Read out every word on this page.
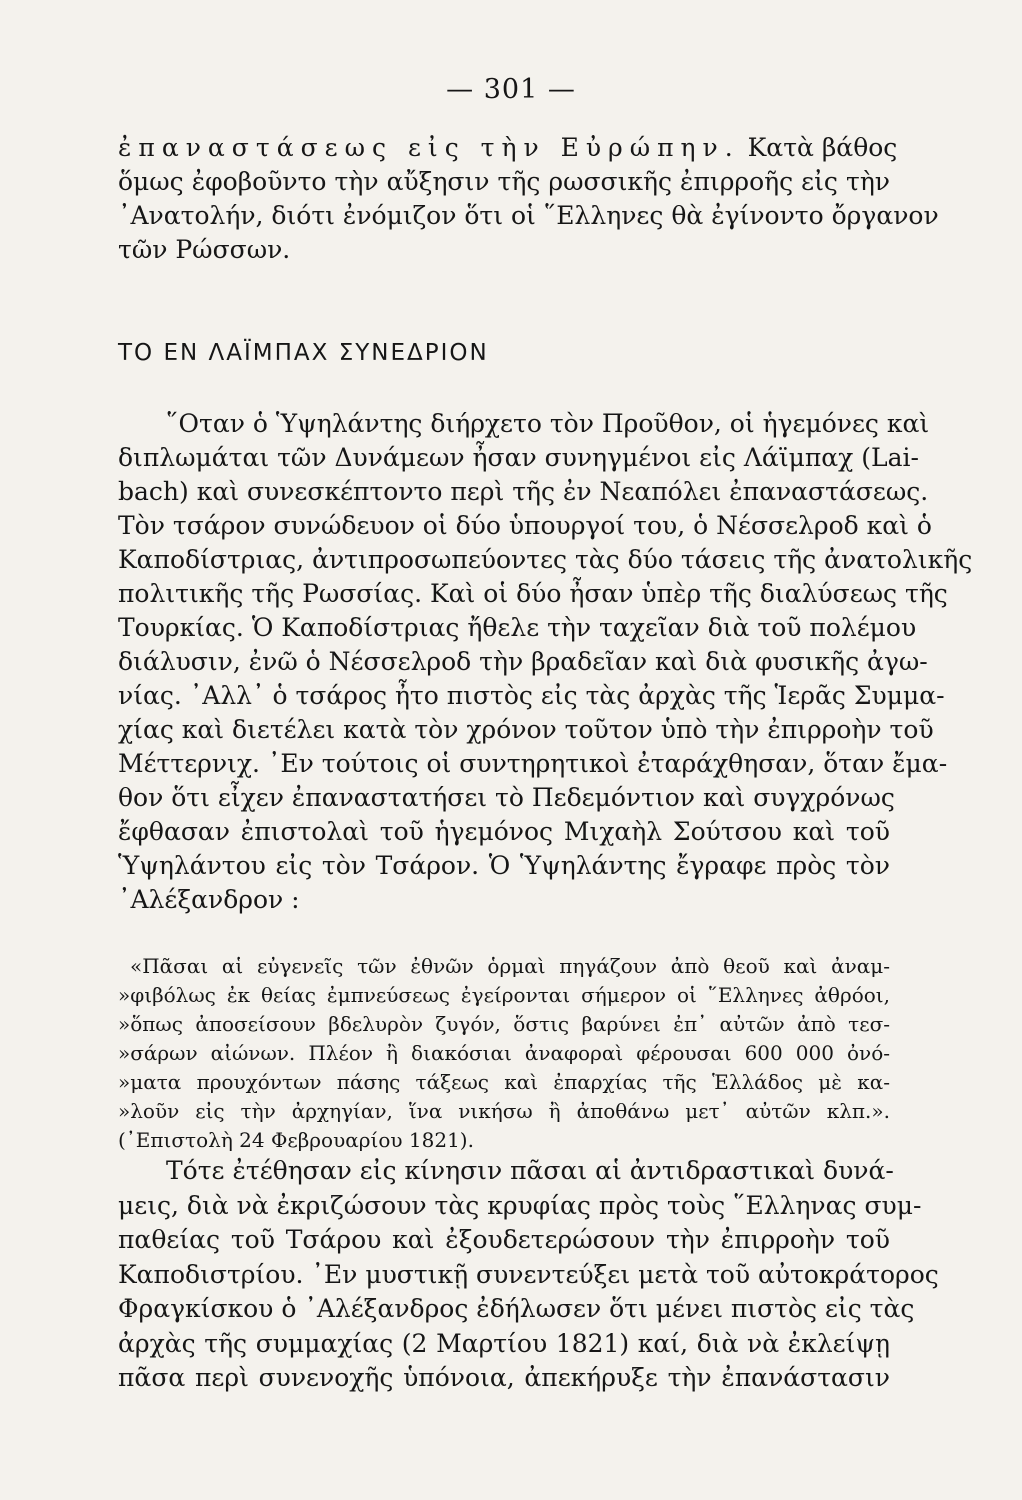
— 301 —
ἐπαναστάσεως εἰς τὴν Εὐρώπην. Κατὰ βάθος
ὅμως ἐφοβοῦντο τὴν αὔξησιν τῆς ρωσσικῆς ἐπιρροῆς εἰς τὴν
᾿Ανατολήν, διότι ἐνόμιζον ὅτι οἱ ῞Ελληνες θὰ ἐγίνοντο ὄργανον
τῶν Ρώσσων.
ΤΟ ΕΝ ΛΑΪΜΠΑΧ ΣΥΝΕΔΡΙΟΝ
῞Οταν ὁ Ὑψηλάντης διήρχετο τὸν Προῦθον, οἱ ἡγεμόνες καὶ
διπλωμάται τῶν Δυνάμεων ἦσαν συνηγμένοι εἰς Λάϊμπαχ (Lai-
bach) καὶ συνεσκέπτοντο περὶ τῆς ἐν Νεαπόλει ἐπαναστάσεως.
Τὸν τσάρον συνώδευον οἱ δύο ὑπουργοί του, ὁ Νέσσελροδ καὶ ὁ
Καποδίστριας, ἀντιπροσωπεύοντες τὰς δύο τάσεις τῆς ἀνατολικῆς
πολιτικῆς τῆς Ρωσσίας. Καὶ οἱ δύο ἦσαν ὑπὲρ τῆς διαλύσεως τῆς
Τουρκίας. Ὁ Καποδίστριας ἤθελε τὴν ταχεῖαν διὰ τοῦ πολέμου
διάλυσιν, ἐνῶ ὁ Νέσσελροδ τὴν βραδεῖαν καὶ διὰ φυσικῆς ἀγω-
νίας. ᾿Αλλ᾿ ὁ τσάρος ἦτο πιστὸς εἰς τὰς ἀρχὰς τῆς Ἱερᾶς Συμμα-
χίας καὶ διετέλει κατὰ τὸν χρόνον τοῦτον ὑπὸ τὴν ἐπιρροὴν τοῦ
Μέττερνιχ. ᾿Εν τούτοις οἱ συντηρητικοὶ ἐταράχθησαν, ὅταν ἔμα-
θον ὅτι εἶχεν ἐπαναστατήσει τὸ Πεδεμόντιον καὶ συγχρόνως
ἔφθασαν ἐπιστολαὶ τοῦ ἡγεμόνος Μιχαὴλ Σούτσου καὶ τοῦ
Ὑψηλάντου εἰς τὸν Τσάρον. Ὁ Ὑψηλάντης ἔγραφε πρὸς τὸν
᾿Αλέξανδρον :
«Πᾶσαι αἱ εὐγενεῖς τῶν ἐθνῶν ὁρμαὶ πηγάζουν ἀπὸ θεοῦ καὶ ἀναμ-
»φιβόλως ἐκ θείας ἐμπνεύσεως ἐγείρονται σήμερον οἱ ῞Ελληνες ἀθρόοι,
»ὅπως ἀποσείσουν βδελυρὸν ζυγόν, ὅστις βαρύνει ἐπ᾿ αὐτῶν ἀπὸ τεσ-
»σάρων αἰώνων. Πλέον ἢ διακόσιαι ἀναφοραὶ φέρουσαι 600 000 ὀνό-
»ματα προυχόντων πάσης τάξεως καὶ ἐπαρχίας τῆς Ἑλλάδος μὲ κα-
»λοῦν εἰς τὴν ἀρχηγίαν, ἵνα νικήσω ἢ ἀποθάνω μετ᾿ αὐτῶν κλπ.».
(᾿Επιστολὴ 24 Φεβρουαρίου 1821).
Τότε ἐτέθησαν εἰς κίνησιν πᾶσαι αἱ ἀντιδραστικαὶ δυνά-
μεις, διὰ νὰ ἐκριζώσουν τὰς κρυφίας πρὸς τοὺς ῞Ελληνας συμ-
παθείας τοῦ Τσάρου καὶ ἐξουδετερώσουν τὴν ἐπιρροὴν τοῦ
Καποδιστρίου. ᾿Εν μυστικῇ συνεντεύξει μετὰ τοῦ αὐτοκράτορος
Φραγκίσκου ὁ ᾿Αλέξανδρος ἐδήλωσεν ὅτι μένει πιστὸς εἰς τὰς
ἀρχὰς τῆς συμμαχίας (2 Μαρτίου 1821) καί, διὰ νὰ ἐκλείψῃ
πᾶσα περὶ συνενοχῆς ὑπόνοια, ἀπεκήρυξε τὴν ἐπανάστασιν
